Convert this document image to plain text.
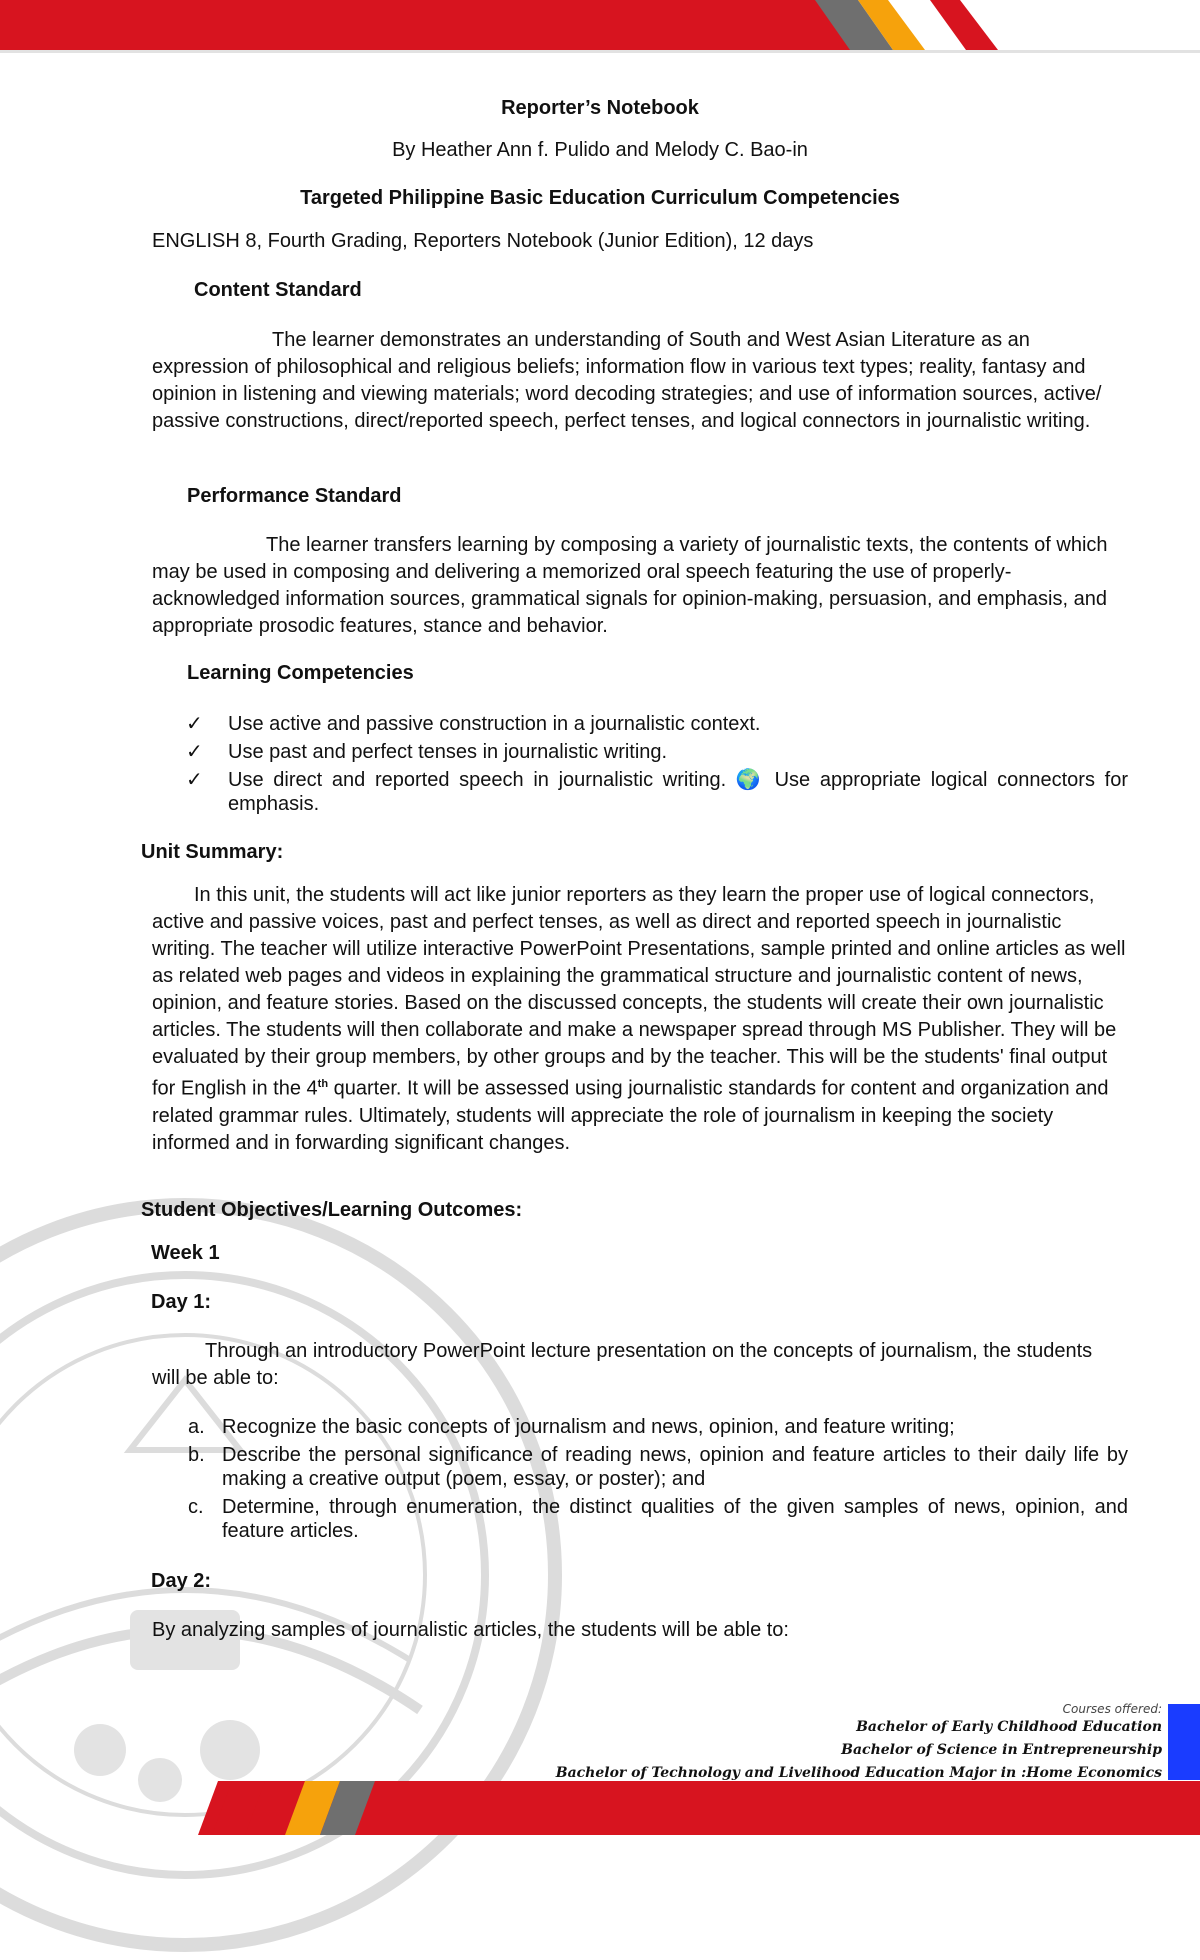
Reporter’s Notebook
By Heather Ann f. Pulido and Melody C. Bao-in
Targeted Philippine Basic Education Curriculum Competencies
ENGLISH 8, Fourth Grading, Reporters Notebook (Junior Edition), 12 days
Content Standard
The learner demonstrates an understanding of South and West Asian Literature as an expression of philosophical and religious beliefs; information flow in various text types; reality, fantasy and opinion in listening and viewing materials; word decoding strategies; and use of information sources, active/ passive constructions, direct/reported speech, perfect tenses, and logical connectors in journalistic writing.
Performance Standard
The learner transfers learning by composing a variety of journalistic texts, the contents of which may be used in composing and delivering a memorized oral speech featuring the use of properly-acknowledged information sources, grammatical signals for opinion-making, persuasion, and emphasis, and appropriate prosodic features, stance and behavior.
Learning Competencies
✓ Use active and passive construction in a journalistic context.
✓ Use past and perfect tenses in journalistic writing.
✓ Use direct and reported speech in journalistic writing. 🌍 Use appropriate logical connectors for emphasis.
Unit Summary:
In this unit, the students will act like junior reporters as they learn the proper use of logical connectors, active and passive voices, past and perfect tenses, as well as direct and reported speech in journalistic writing. The teacher will utilize interactive PowerPoint Presentations, sample printed and online articles as well as related web pages and videos in explaining the grammatical structure and journalistic content of news, opinion, and feature stories. Based on the discussed concepts, the students will create their own journalistic articles. The students will then collaborate and make a newspaper spread through MS Publisher. They will be evaluated by their group members, by other groups and by the teacher. This will be the students' final output for English in the 4th quarter. It will be assessed using journalistic standards for content and organization and related grammar rules. Ultimately, students will appreciate the role of journalism in keeping the society informed and in forwarding significant changes.
Student Objectives/Learning Outcomes:
Week 1
Day 1:
Through an introductory PowerPoint lecture presentation on the concepts of journalism, the students will be able to:
a. Recognize the basic concepts of journalism and news, opinion, and feature writing;
b. Describe the personal significance of reading news, opinion and feature articles to their daily life by making a creative output (poem, essay, or poster); and
c. Determine, through enumeration, the distinct qualities of the given samples of news, opinion, and feature articles.
Day 2:
By analyzing samples of journalistic articles, the students will be able to:
Courses offered:
Bachelor of Early Childhood Education
Bachelor of Science in Entrepreneurship
Bachelor of Technology and Livelihood Education Major in :Home Economics
